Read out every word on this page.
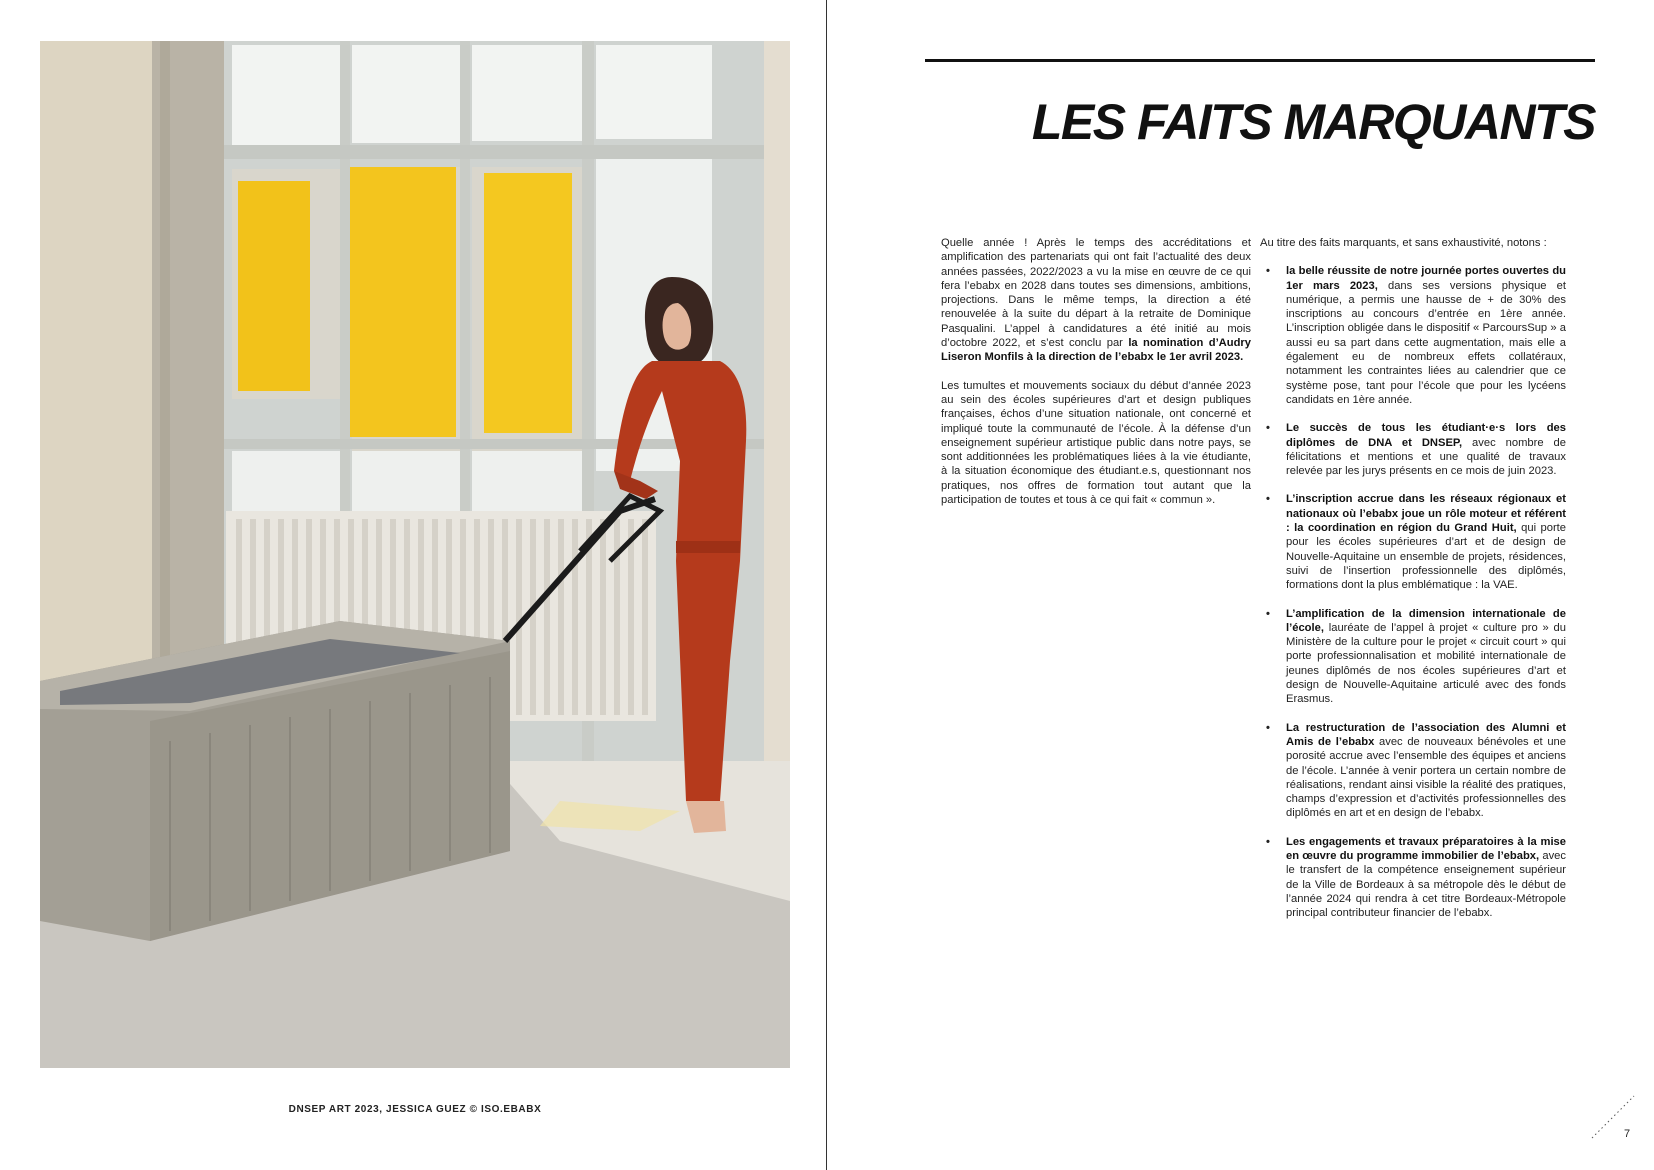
DNSEP ART 2023, JESSICA GUEZ © ISO.EBABX
LES FAITS MARQUANTS

Quelle année ! Après le temps des accréditations et amplification des partenariats qui ont fait l’actualité des deux années passées, 2022/2023 a vu la mise en œuvre de ce qui fera l’ebabx en 2028 dans toutes ses dimensions, ambitions, projections. Dans le même temps, la direction a été renouvelée à la suite du départ à la retraite de Dominique Pasqualini. L’appel à candidatures a été initié au mois d’octobre 2022, et s’est conclu par la nomination d’Audry Liseron Monfils à la direction de l’ebabx le 1er avril 2023.

Les tumultes et mouvements sociaux du début d’année 2023 au sein des écoles supérieures d’art et design publiques françaises, échos d’une situation nationale, ont concerné et impliqué toute la communauté de l’école. À la défense d’un enseignement supérieur artistique public dans notre pays, se sont additionnées les problématiques liées à la vie étudiante, à la situation économique des étudiant.e.s, questionnant nos pratiques, nos offres de formation tout autant que la participation de toutes et tous à ce qui fait « commun ».

Au titre des faits marquants, et sans exhaustivité, notons :

• la belle réussite de notre journée portes ouvertes du 1er mars 2023, dans ses versions physique et numérique, a permis une hausse de + de 30% des inscriptions au concours d’entrée en 1ère année. L’inscription obligée dans le dispositif « ParcoursSup » a aussi eu sa part dans cette augmentation, mais elle a également eu de nombreux effets collatéraux, notamment les contraintes liées au calendrier que ce système pose, tant pour l’école que pour les lycéens candidats en 1ère année.
• Le succès de tous les étudiant·e·s lors des diplômes de DNA et DNSEP, avec nombre de félicitations et mentions et une qualité de travaux relevée par les jurys présents en ce mois de juin 2023.
• L’inscription accrue dans les réseaux régionaux et nationaux où l’ebabx joue un rôle moteur et référent : la coordination en région du Grand Huit, qui porte pour les écoles supérieures d’art et de design de Nouvelle-Aquitaine un ensemble de projets, résidences, suivi de l’insertion professionnelle des diplômés, formations dont la plus emblématique : la VAE.
• L’amplification de la dimension internationale de l’école, lauréate de l’appel à projet « culture pro » du Ministère de la culture pour le projet « circuit court » qui porte professionnalisation et mobilité internationale de jeunes diplômés de nos écoles supérieures d’art et design de Nouvelle-Aquitaine articulé avec des fonds Erasmus.
• La restructuration de l’association des Alumni et Amis de l’ebabx avec de nouveaux bénévoles et une porosité accrue avec l’ensemble des équipes et anciens de l’école. L’année à venir portera un certain nombre de réalisations, rendant ainsi visible la réalité des pratiques, champs d’expression et d’activités professionnelles des diplômés en art et en design de l’ebabx.
• Les engagements et travaux préparatoires à la mise en œuvre du programme immobilier de l’ebabx, avec le transfert de la compétence enseignement supérieur de la Ville de Bordeaux à sa métropole dès le début de l’année 2024 qui rendra à cet titre Bordeaux-Métropole principal contributeur financier de l’ebabx.
7
